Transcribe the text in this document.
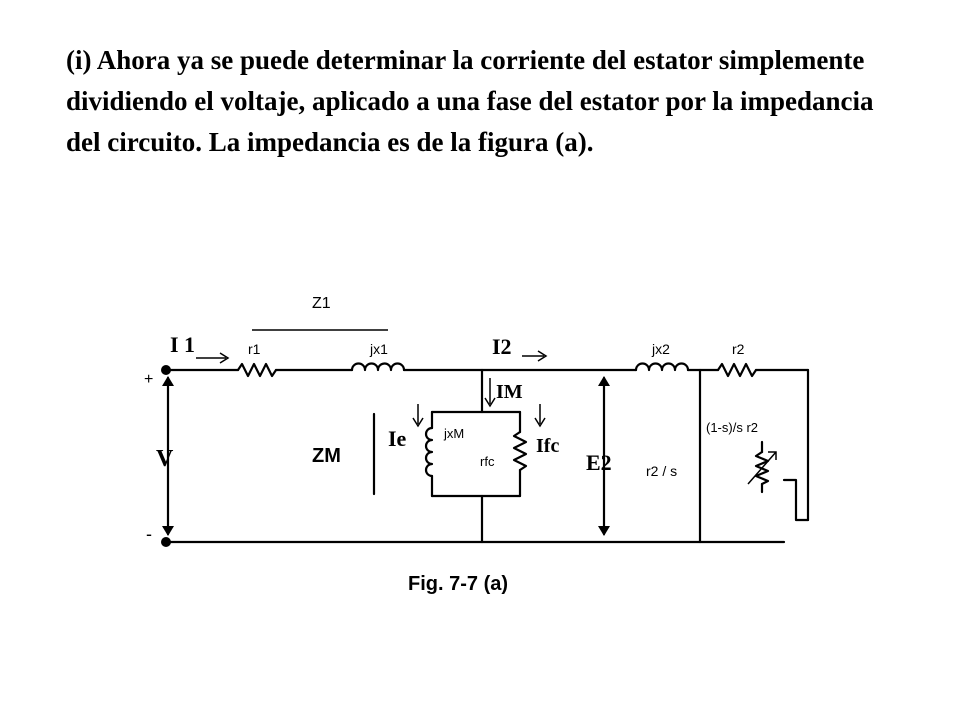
(i) Ahora ya se puede determinar la corriente del estator simplemente dividiendo el voltaje, aplicado a una fase del estator por la impedancia del circuito. La impedancia es de la figura (a).
Z1
+
-
V
I 1	r1	jx1	I2	jx2	r2
IM
ZM
Ie	jxM
rfc
Ifc
E2 r2 / s
(1-s)/s r2
Fig. 7-7 (a)
